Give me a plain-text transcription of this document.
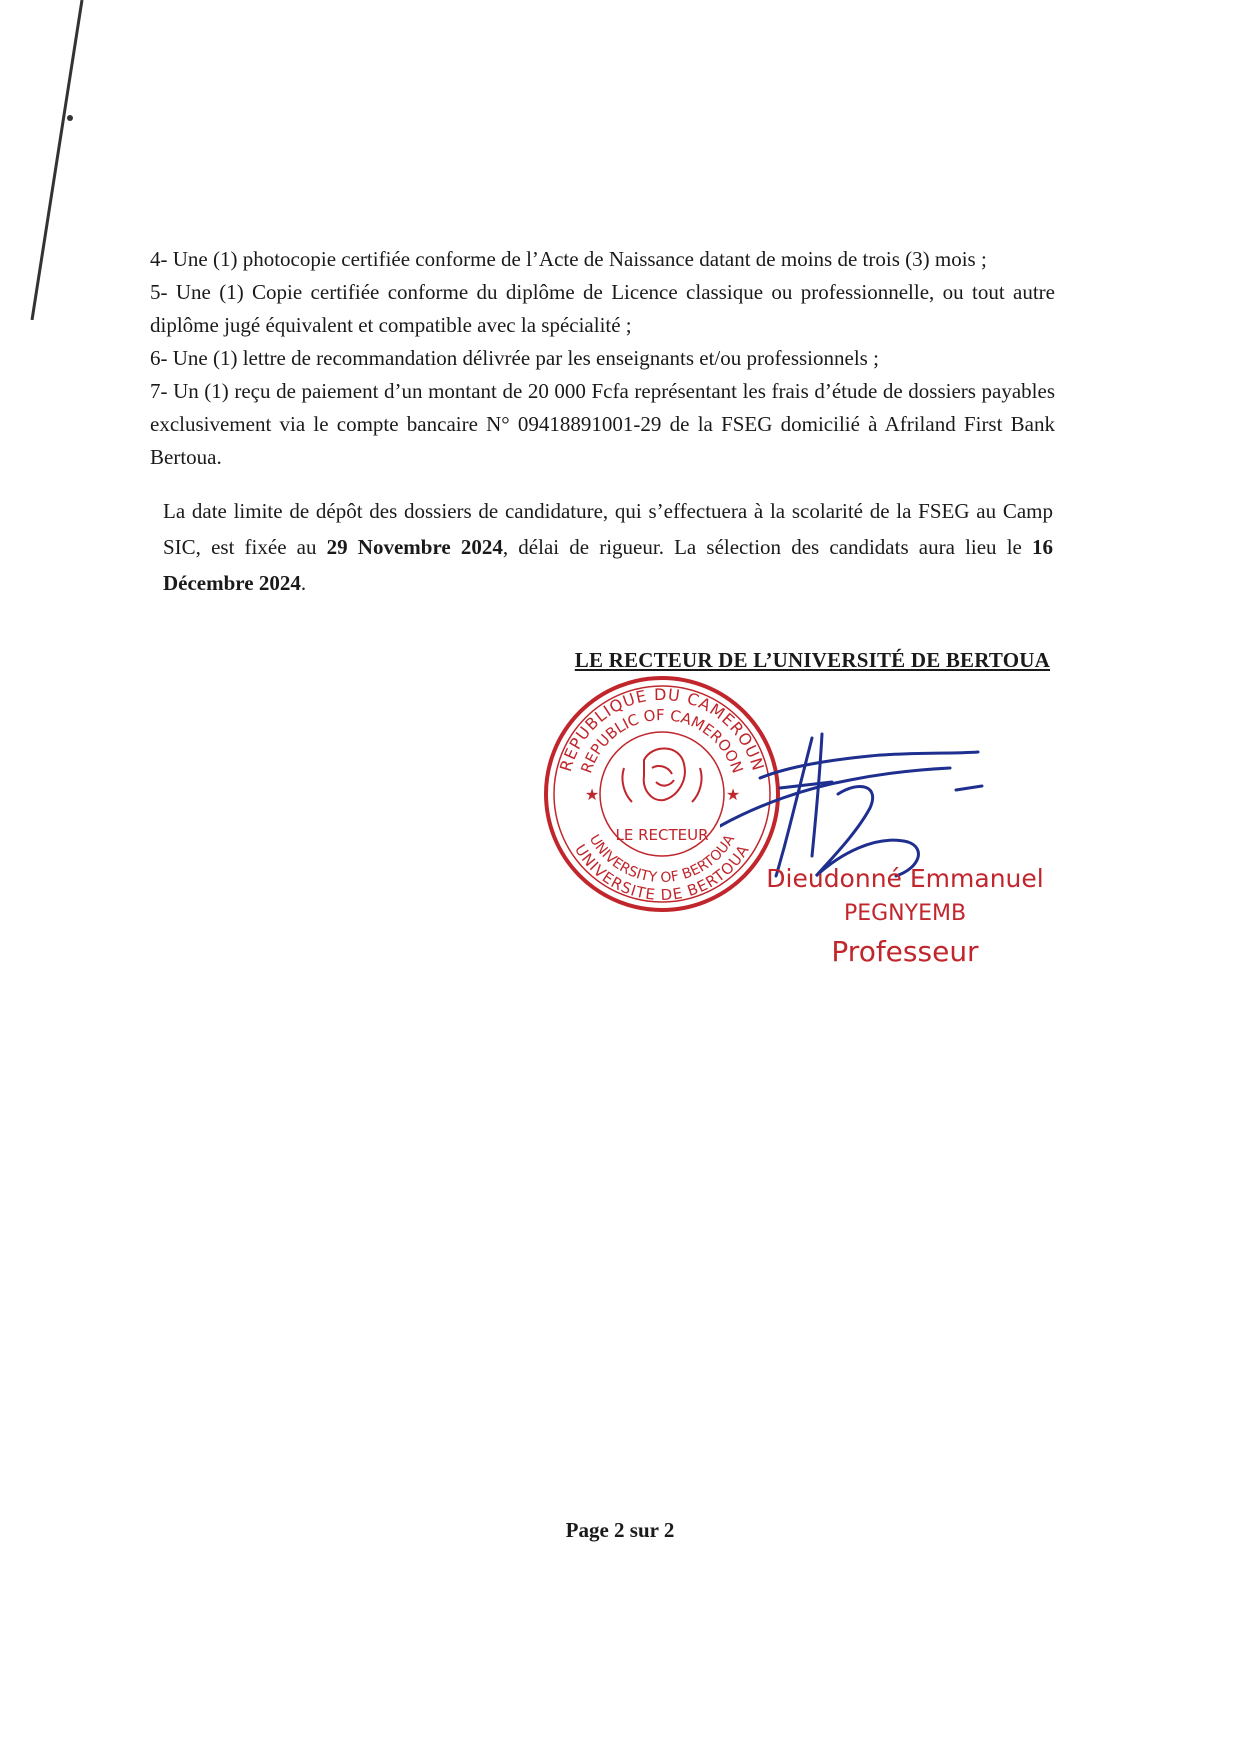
4- Une (1) photocopie certifiée conforme de l’Acte de Naissance datant de moins de trois (3) mois ;

5- Une (1) Copie certifiée conforme du diplôme de Licence classique ou professionnelle, ou tout autre diplôme jugé équivalent et compatible avec la spécialité ;

6- Une (1) lettre de recommandation délivrée par les enseignants et/ou professionnels ;

7- Un (1) reçu de paiement d’un montant de 20 000 Fcfa représentant les frais d’étude de dossiers payables exclusivement via le compte bancaire N° 09418891001-29 de la FSEG domicilié à Afriland First Bank Bertoua.

La date limite de dépôt des dossiers de candidature, qui s’effectuera à la scolarité de la FSEG au Camp SIC, est fixée au 29 Novembre 2024, délai de rigueur. La sélection des candidats aura lieu le 16 Décembre 2024.
LE RECTEUR DE L’UNIVERSITÉ DE BERTOUA
REPUBLIQUE DU CAMEROUN
REPUBLIC OF CAMEROON
UNIVERSITY OF BERTOUA
UNIVERSITE DE BERTOUA
LE RECTEUR
★	★
Dieudonné Emmanuel
PEGNYEMB
Professeur
Page 2 sur 2
